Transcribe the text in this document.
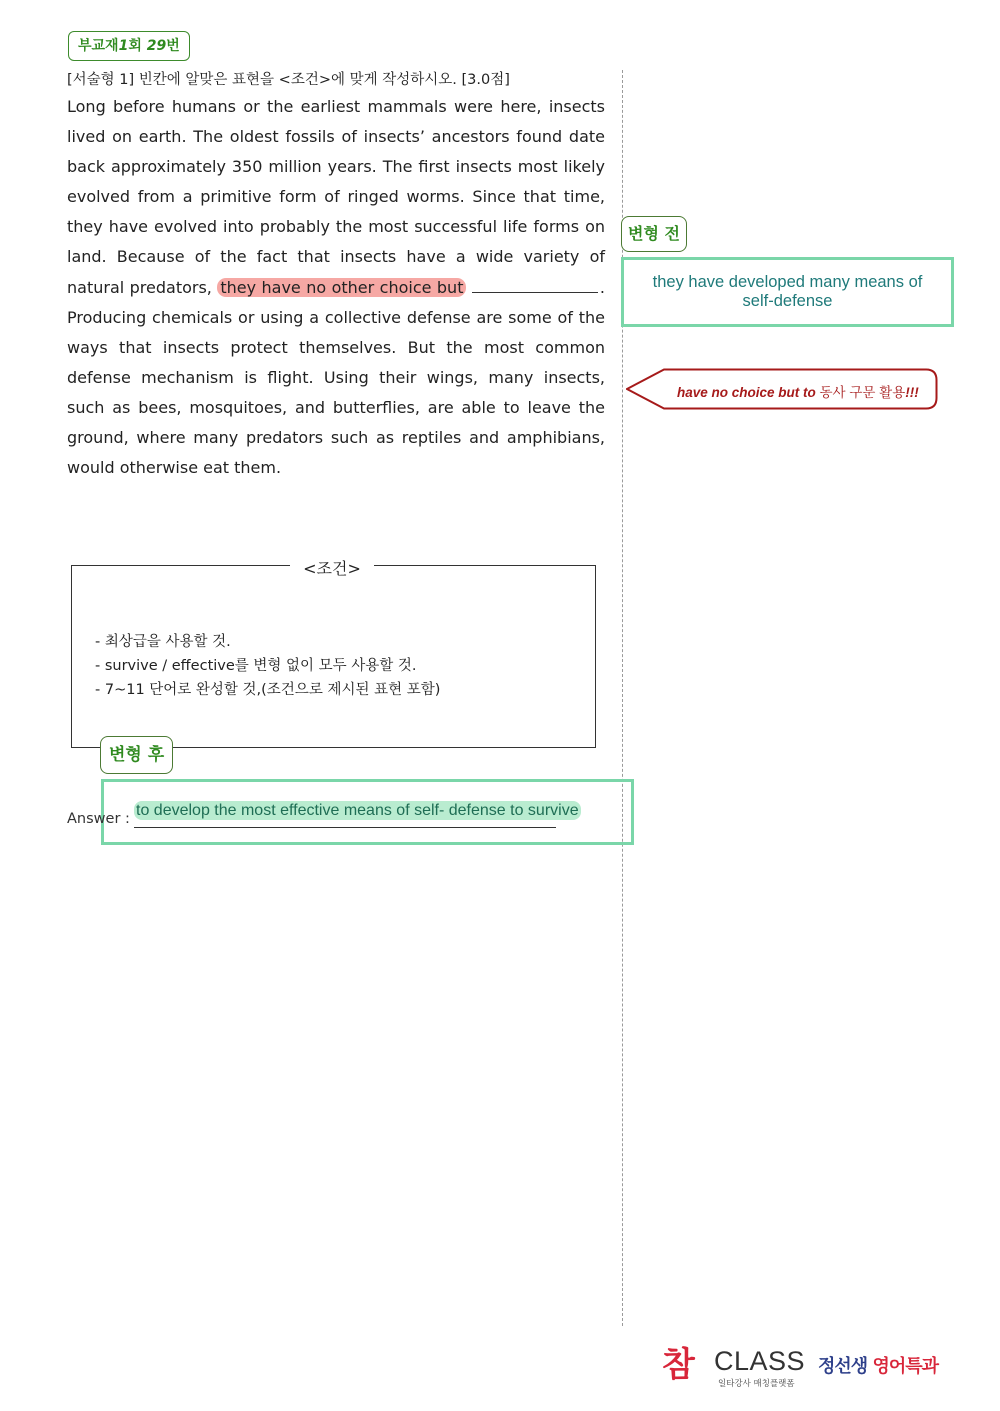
부교재1회 29번
[서술형 1] 빈칸에 알맞은 표현을 <조건>에 맞게 작성하시오. [3.0점]
Long before humans or the earliest mammals were here, insects lived on earth. The oldest fossils of insects’ ancestors found date back approximately 350 million years. The first insects most likely evolved from a primitive form of ringed worms. Since that time, they have evolved into probably the most successful life forms on land. Because of the fact that insects have a wide variety of natural predators, they have no other choice but	. Producing chemicals or using a collective defense are some of the ways that insects protect themselves. But the most common defense mechanism is flight. Using their wings, many insects, such as bees, mosquitoes, and butterflies, are able to leave the ground, where many predators such as reptiles and amphibians, would otherwise eat them.
변형 전
they have developed many means of self-defense
have no choice but to 동사 구문 활용!!!
<조건>
- 최상급을 사용할 것.
- survive / effective를 변형 없이 모두 사용할 것.
- 7~11 단어로 완성할 것,(조건으로 제시된 표현 포함)
변형 후
Answer : to develop the most effective means of self- defense to survive
참 CLASS
일타강사 매칭플랫폼
정선생 영어특과
